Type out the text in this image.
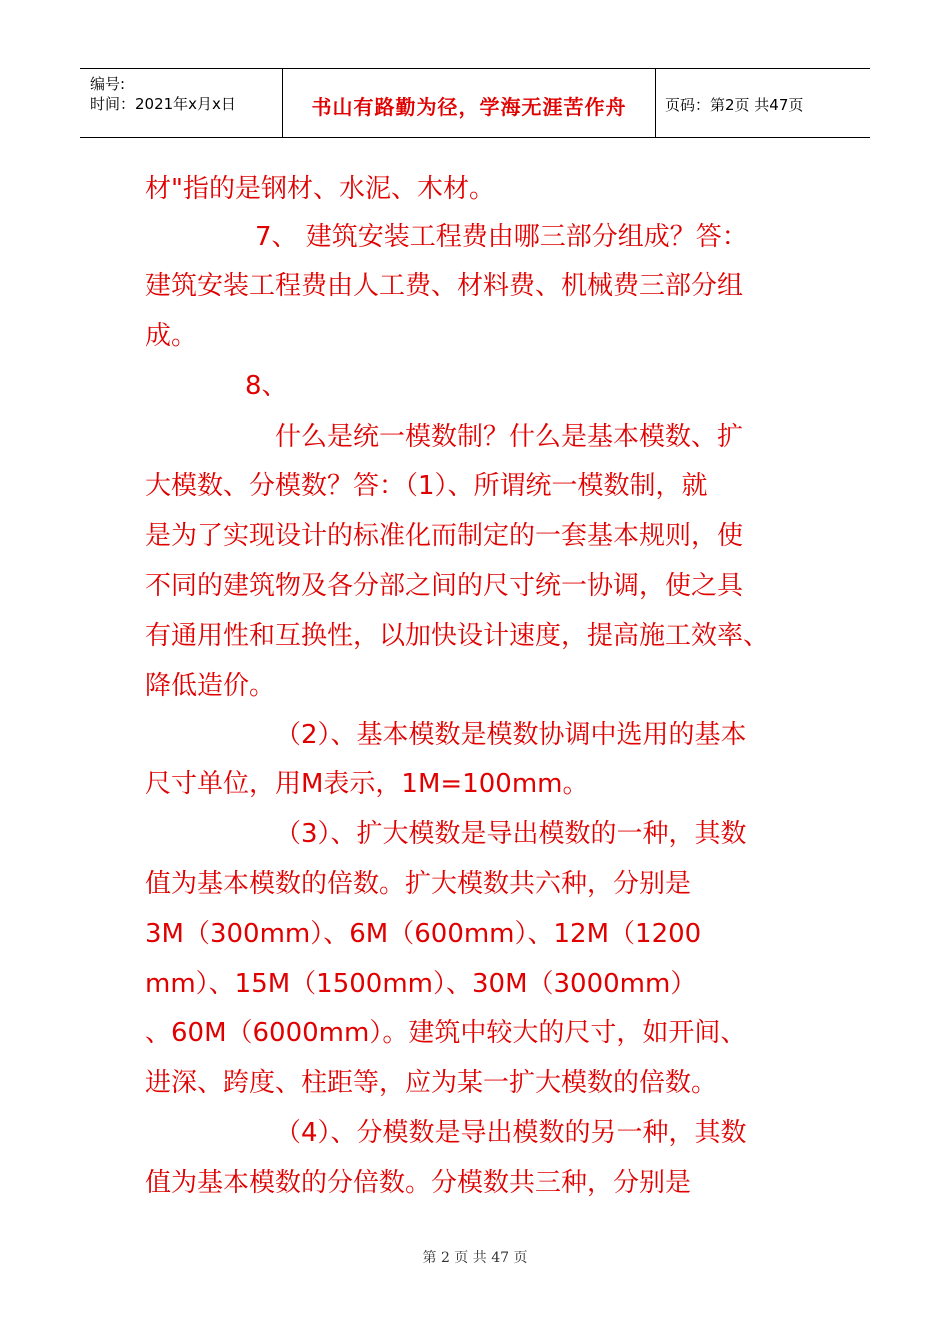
编号:
时间：2021年x月x日	书山有路勤为径，学海无涯苦作舟	页码：第2页 共47页
材"指的是钢材、水泥、木材。
7、 建筑安装工程费由哪三部分组成？答：
建筑安装工程费由人工费、材料费、机械费三部分组
成。
8、
什么是统一模数制？什么是基本模数、扩
大模数、分模数？答：（1）、所谓统一模数制，就
是为了实现设计的标准化而制定的一套基本规则，使
不同的建筑物及各分部之间的尺寸统一协调，使之具
有通用性和互换性，以加快设计速度，提高施工效率、
降低造价。
（2）、基本模数是模数协调中选用的基本
尺寸单位，用M表示，1M=100mm。
（3）、扩大模数是导出模数的一种，其数
值为基本模数的倍数。扩大模数共六种，分别是
3M（300mm）、6M（600mm）、12M（1200
mm）、15M（1500mm）、30M（3000mm）
、60M（6000mm）。建筑中较大的尺寸，如开间、
进深、跨度、柱距等，应为某一扩大模数的倍数。
（4）、分模数是导出模数的另一种，其数
值为基本模数的分倍数。分模数共三种，分别是
第 2 页 共 47 页
